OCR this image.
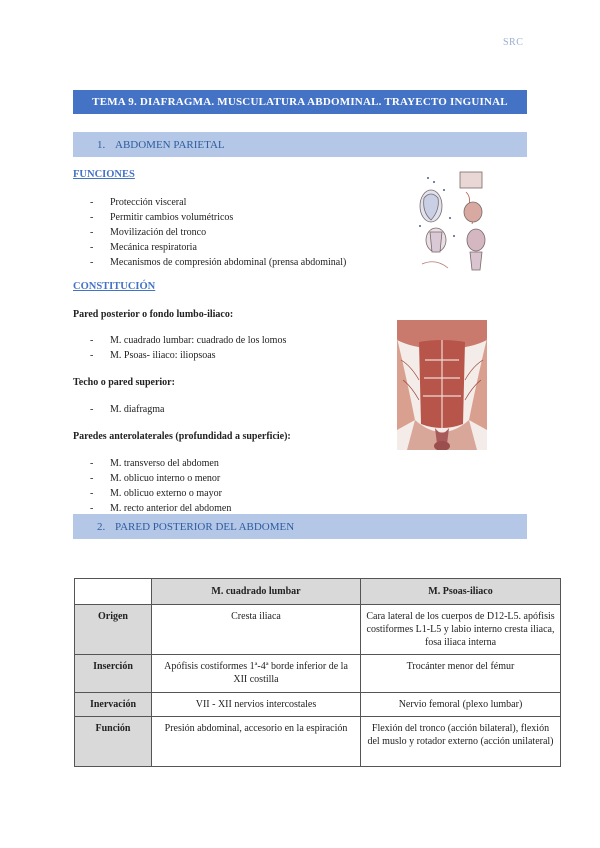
SRC
TEMA 9. DIAFRAGMA. MUSCULATURA ABDOMINAL. TRAYECTO INGUINAL
1. ABDOMEN PARIETAL
FUNCIONES
-	Protección visceral
-	Permitir cambios volumétricos
-	Movilización del tronco
-	Mecánica respiratoria
-	Mecanismos de compresión abdominal (prensa abdominal)
CONSTITUCIÓN
Pared posterior o fondo lumbo-iliaco:
-	M. cuadrado lumbar: cuadrado de los lomos
-	M. Psoas- iliaco: iliopsoas
Techo o pared superior:
-	M. diafragma
Paredes anterolaterales (profundidad a superficie):
-	M. transverso del abdomen
-	M. oblicuo interno o menor
-	M. oblicuo externo o mayor
-	M. recto anterior del abdomen
2. PARED POSTERIOR DEL ABDOMEN
	M. cuadrado lumbar	M. Psoas-iliaco
Origen	Cresta iliaca	Cara lateral de los cuerpos de D12-L5. apófisis costiformes L1-L5 y labio interno cresta iliaca, fosa iliaca interna
Inserción	Apófisis costiformes 1ª-4ª borde inferior de la XII costilla	Trocánter menor del fémur
Inervación	VII - XII nervios intercostales	Nervio femoral (plexo lumbar)
Función	Presión abdominal, accesorio en la espiración	Flexión del tronco (acción bilateral), flexión del muslo y rotador externo (acción unilateral)
